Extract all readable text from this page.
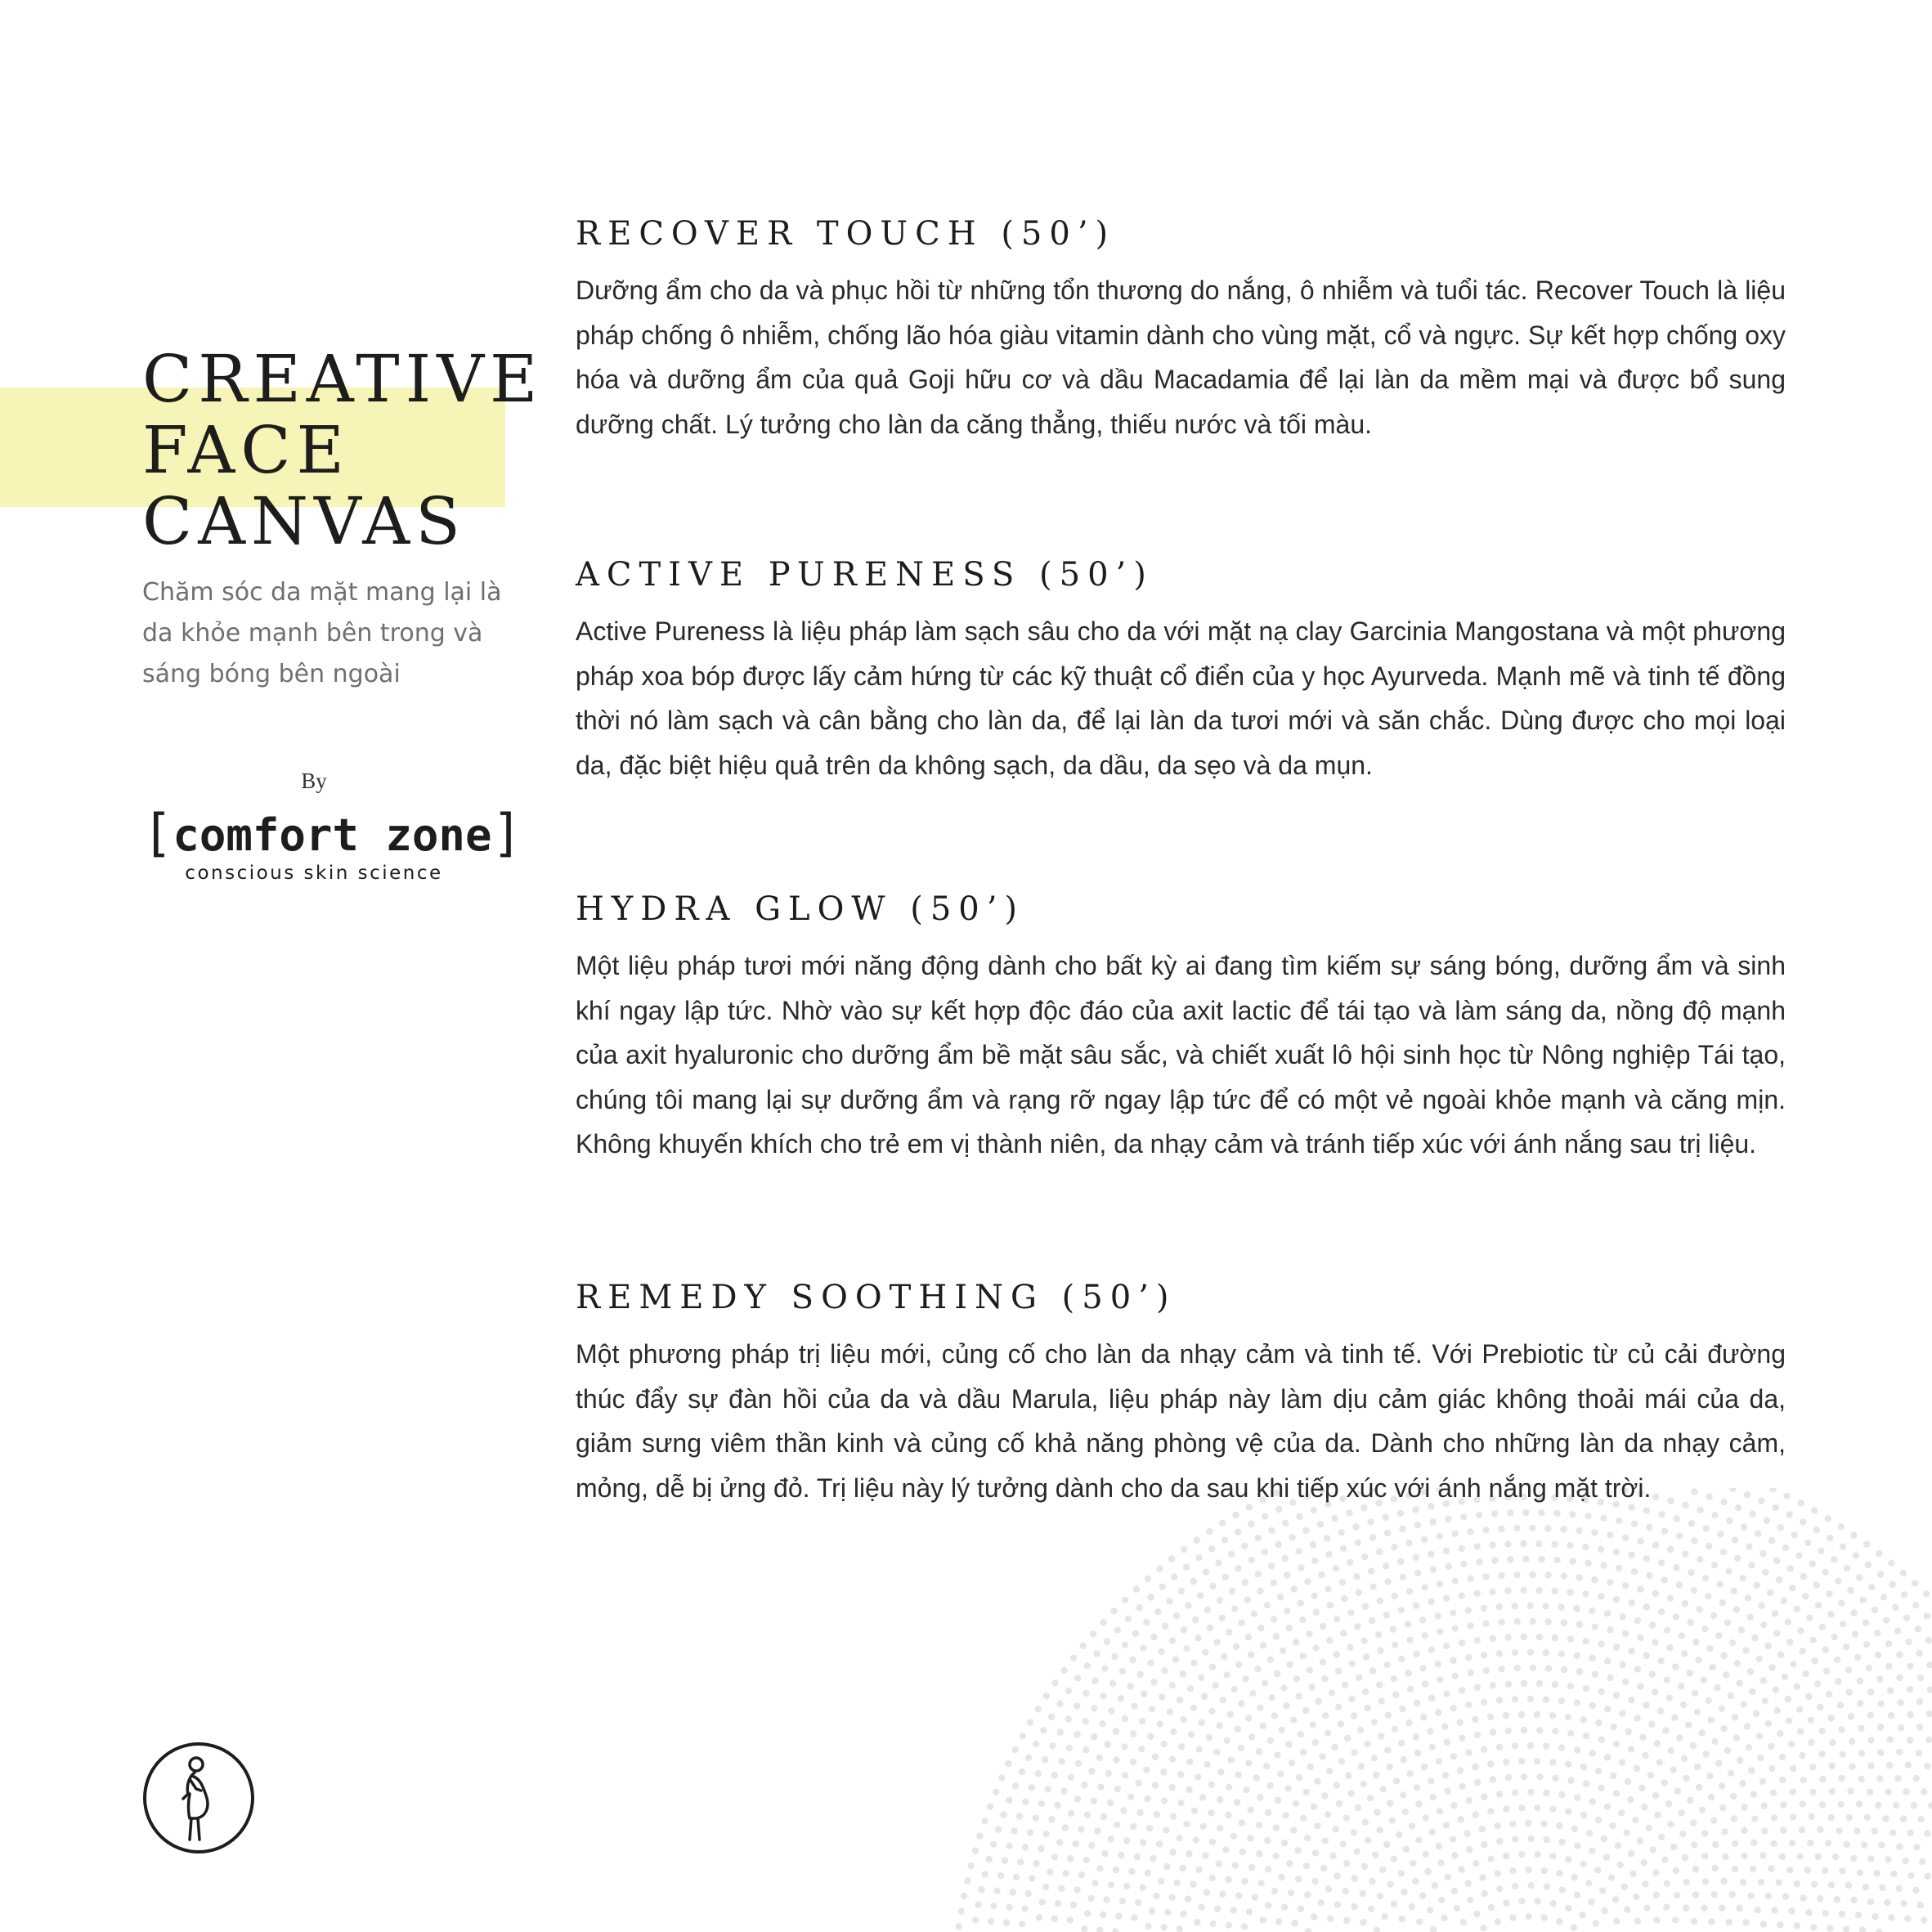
CREATIVE
FACE
CANVAS

Chăm sóc da mặt mang lại là da khỏe mạnh bên trong và sáng bóng bên ngoài

By
[comfort zone]
conscious skin science
RECOVER TOUCH (50’)

Dưỡng ẩm cho da và phục hồi từ những tổn thương do nắng, ô nhiễm và tuổi tác. Recover Touch là liệu pháp chống ô nhiễm, chống lão hóa giàu vitamin dành cho vùng mặt, cổ và ngực. Sự kết hợp chống oxy hóa và dưỡng ẩm của quả Goji hữu cơ và dầu Macadamia để lại làn da mềm mại và được bổ sung dưỡng chất. Lý tưởng cho làn da căng thẳng, thiếu nước và tối màu.

ACTIVE PURENESS (50’)

Active Pureness là liệu pháp làm sạch sâu cho da với mặt nạ clay Garcinia Mangostana và một phương pháp xoa bóp được lấy cảm hứng từ các kỹ thuật cổ điển của y học Ayurveda. Mạnh mẽ và tinh tế đồng thời nó làm sạch và cân bằng cho làn da, để lại làn da tươi mới và săn chắc. Dùng được cho mọi loại da, đặc biệt hiệu quả trên da không sạch, da dầu, da sẹo và da mụn.

HYDRA GLOW (50’)

Một liệu pháp tươi mới năng động dành cho bất kỳ ai đang tìm kiếm sự sáng bóng, dưỡng ẩm và sinh khí ngay lập tức. Nhờ vào sự kết hợp độc đáo của axit lactic để tái tạo và làm sáng da, nồng độ mạnh của axit hyaluronic cho dưỡng ẩm bề mặt sâu sắc, và chiết xuất lô hội sinh học từ Nông nghiệp Tái tạo, chúng tôi mang lại sự dưỡng ẩm và rạng rỡ ngay lập tức để có một vẻ ngoài khỏe mạnh và căng mịn. Không khuyến khích cho trẻ em vị thành niên, da nhạy cảm và tránh tiếp xúc với ánh nắng sau trị liệu.

REMEDY SOOTHING (50’)

Một phương pháp trị liệu mới, củng cố cho làn da nhạy cảm và tinh tế. Với Prebiotic từ củ cải đường thúc đẩy sự đàn hồi của da và dầu Marula, liệu pháp này làm dịu cảm giác không thoải mái của da, giảm sưng viêm thần kinh và củng cố khả năng phòng vệ của da. Dành cho những làn da nhạy cảm, mỏng, dễ bị ửng đỏ. Trị liệu này lý tưởng dành cho da sau khi tiếp xúc với ánh nắng mặt trời.
